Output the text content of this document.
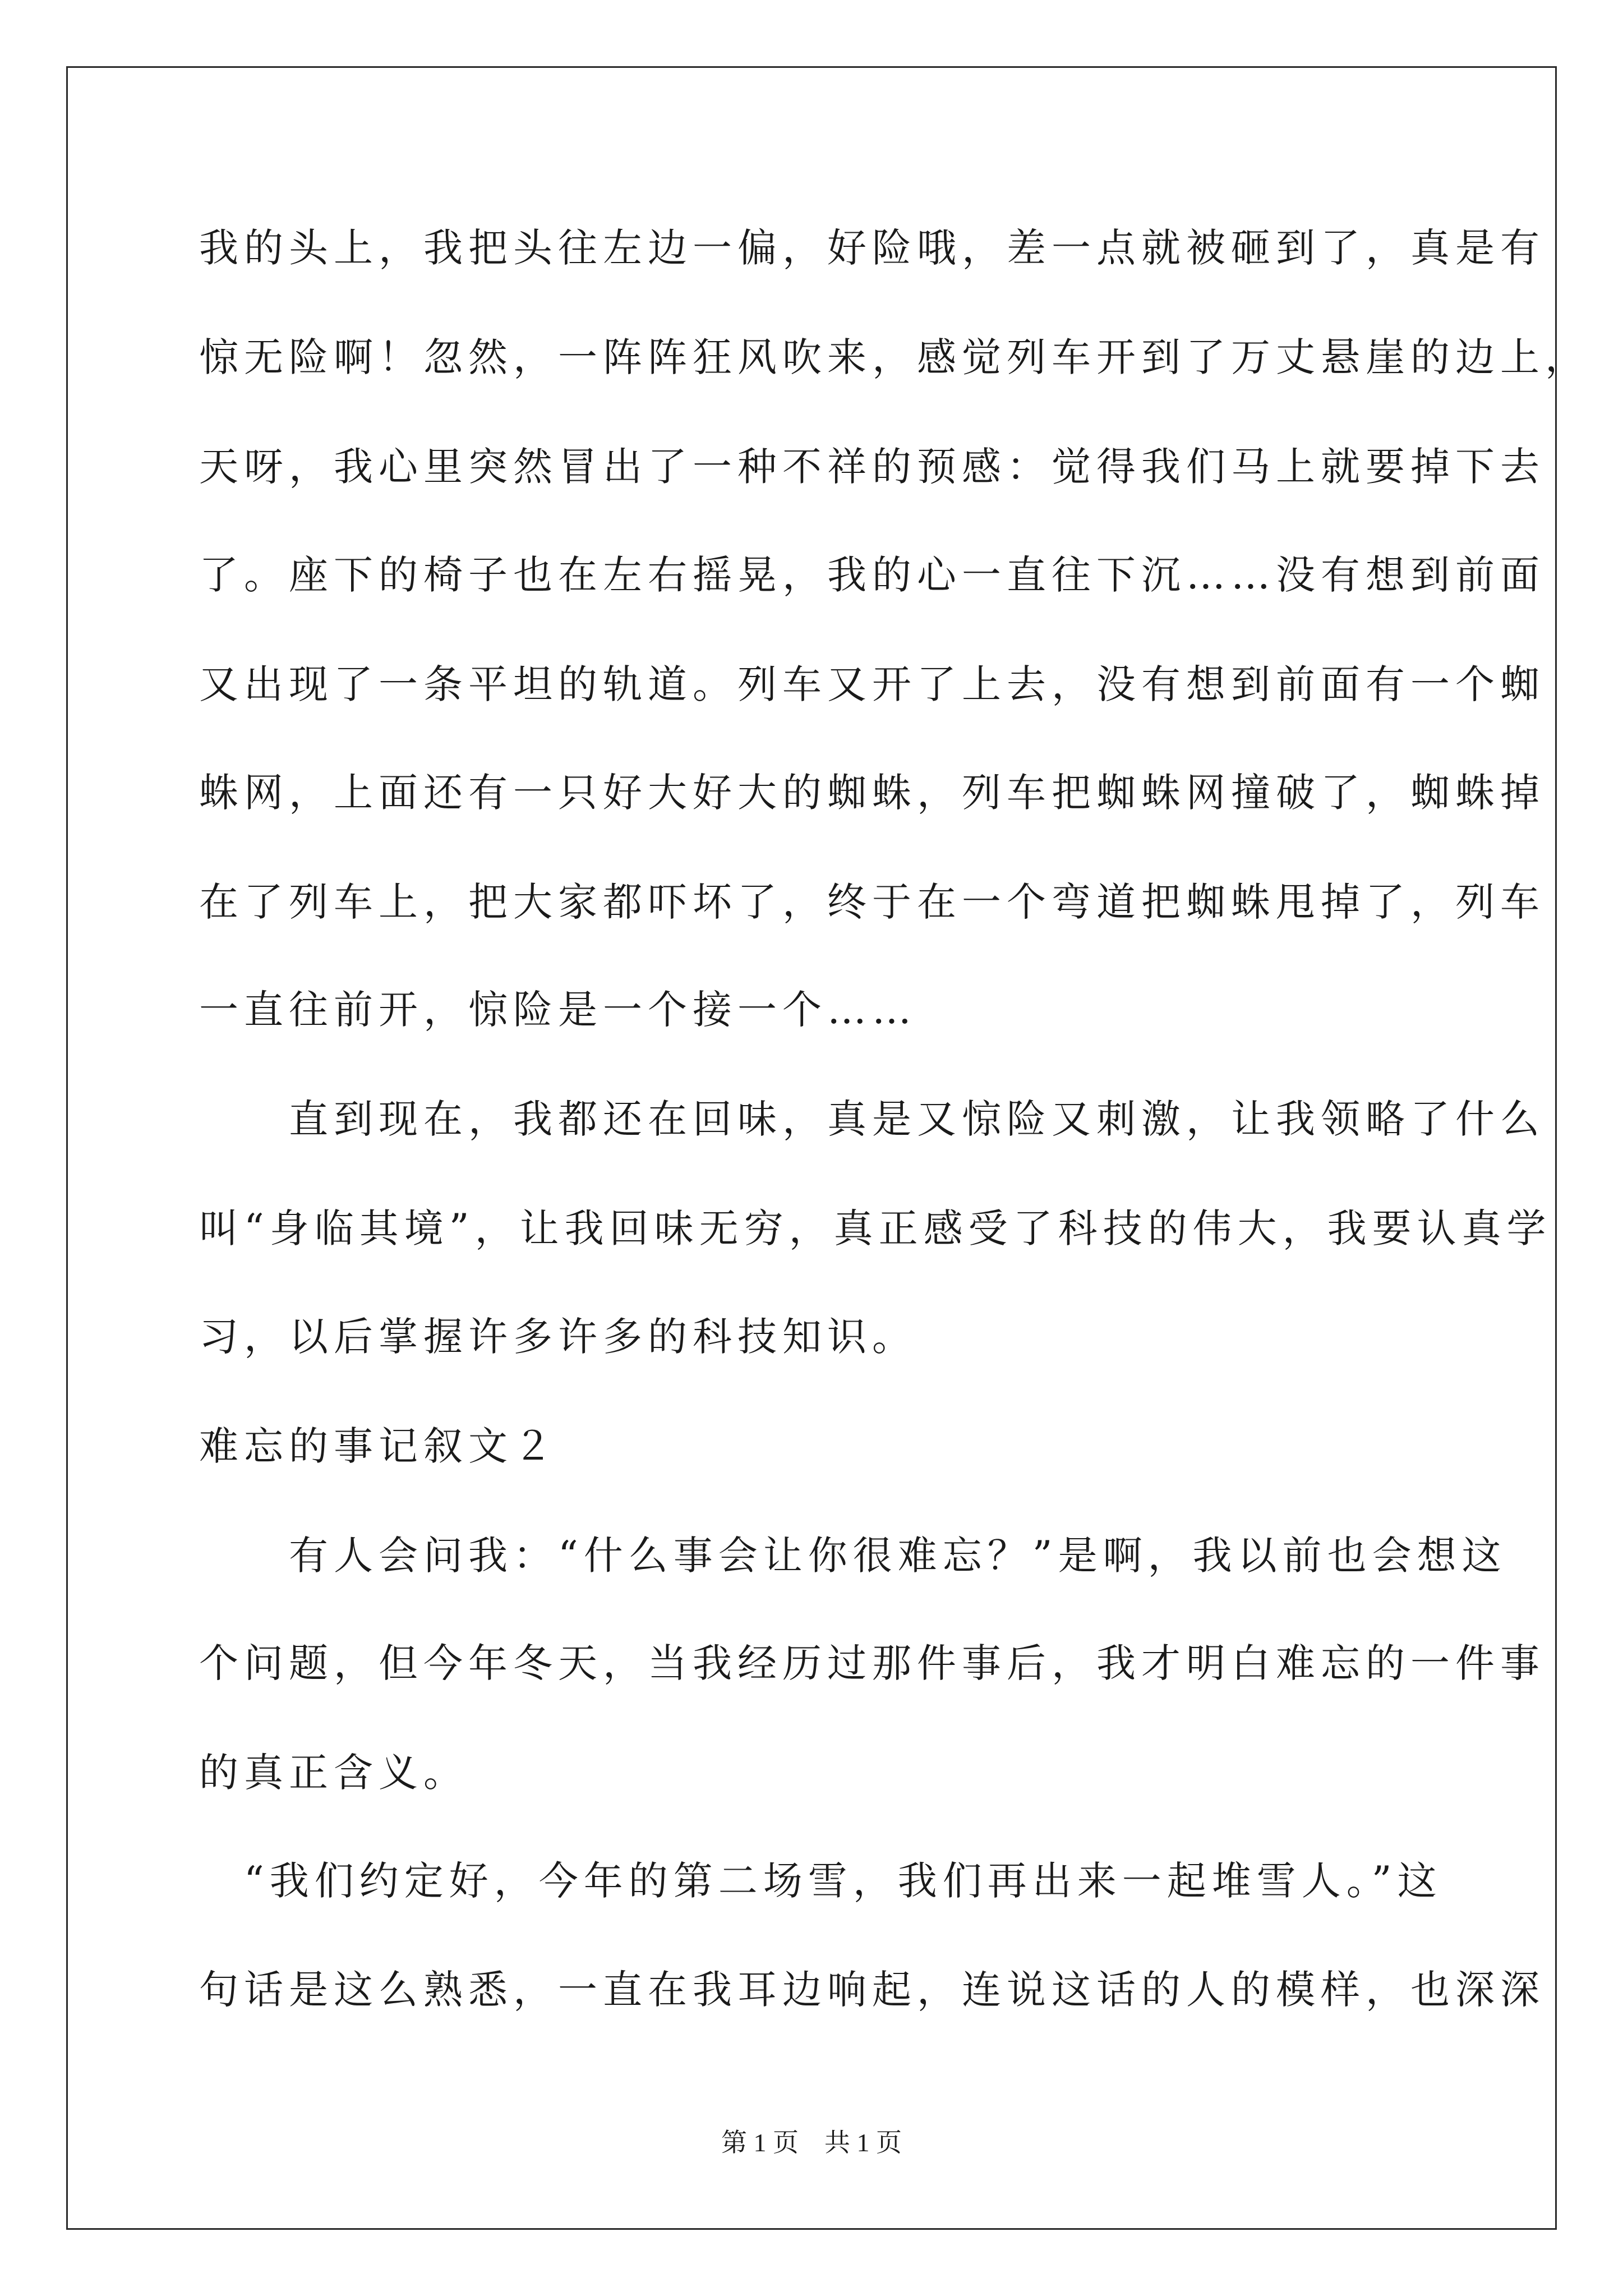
我的头上，我把头往左边一偏，好险哦，差一点就被砸到了，真是有
惊无险啊！忽然，一阵阵狂风吹来，感觉列车开到了万丈悬崖的边上，
天呀，我心里突然冒出了一种不祥的预感：觉得我们马上就要掉下去
了。座下的椅子也在左右摇晃，我的心一直往下沉……没有想到前面
又出现了一条平坦的轨道。列车又开了上去，没有想到前面有一个蜘
蛛网，上面还有一只好大好大的蜘蛛，列车把蜘蛛网撞破了，蜘蛛掉
在了列车上，把大家都吓坏了，终于在一个弯道把蜘蛛甩掉了，列车
一直往前开，惊险是一个接一个……
　　直到现在，我都还在回味，真是又惊险又刺激，让我领略了什么
叫“身临其境”，让我回味无穷，真正感受了科技的伟大，我要认真学
习，以后掌握许多许多的科技知识。
难忘的事记叙文２
　　有人会问我：“什么事会让你很难忘？”是啊，我以前也会想这
个问题，但今年冬天，当我经历过那件事后，我才明白难忘的一件事
的真正含义。
　“我们约定好，今年的第二场雪，我们再出来一起堆雪人。”这
句话是这么熟悉，一直在我耳边响起，连说这话的人的模样，也深深
第 1 页　共 1 页
